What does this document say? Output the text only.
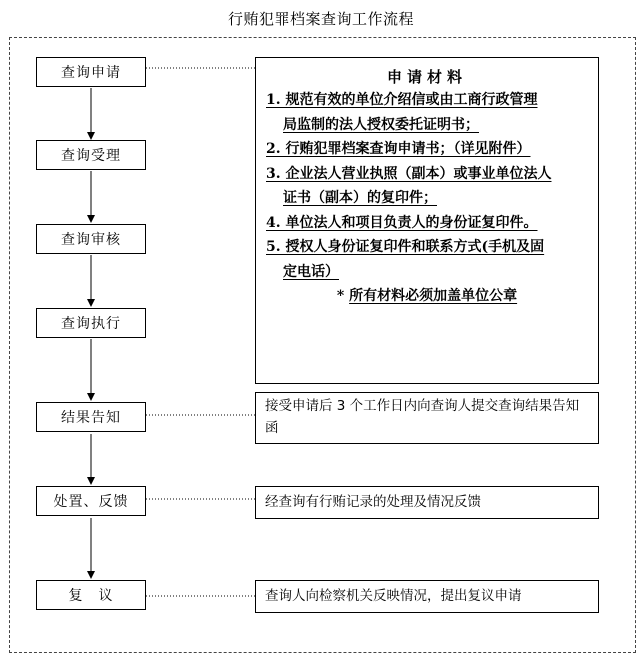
行贿犯罪档案查询工作流程
查询申请
查询受理
查询审核
查询执行
结果告知
处置、反馈
复　议
申请材料
1. 规范有效的单位介绍信或由工商行政管理
局监制的法人授权委托证明书；
2. 行贿犯罪档案查询申请书；（详见附件）
3. 企业法人营业执照（副本）或事业单位法人
证书（副本）的复印件；
4. 单位法人和项目负责人的身份证复印件。
5. 授权人身份证复印件和联系方式(手机及固
定电话）
* 所有材料必须加盖单位公章
接受申请后 3 个工作日内向查询人提交查询结果告知函
经查询有行贿记录的处理及情况反馈
查询人向检察机关反映情况，提出复议申请
